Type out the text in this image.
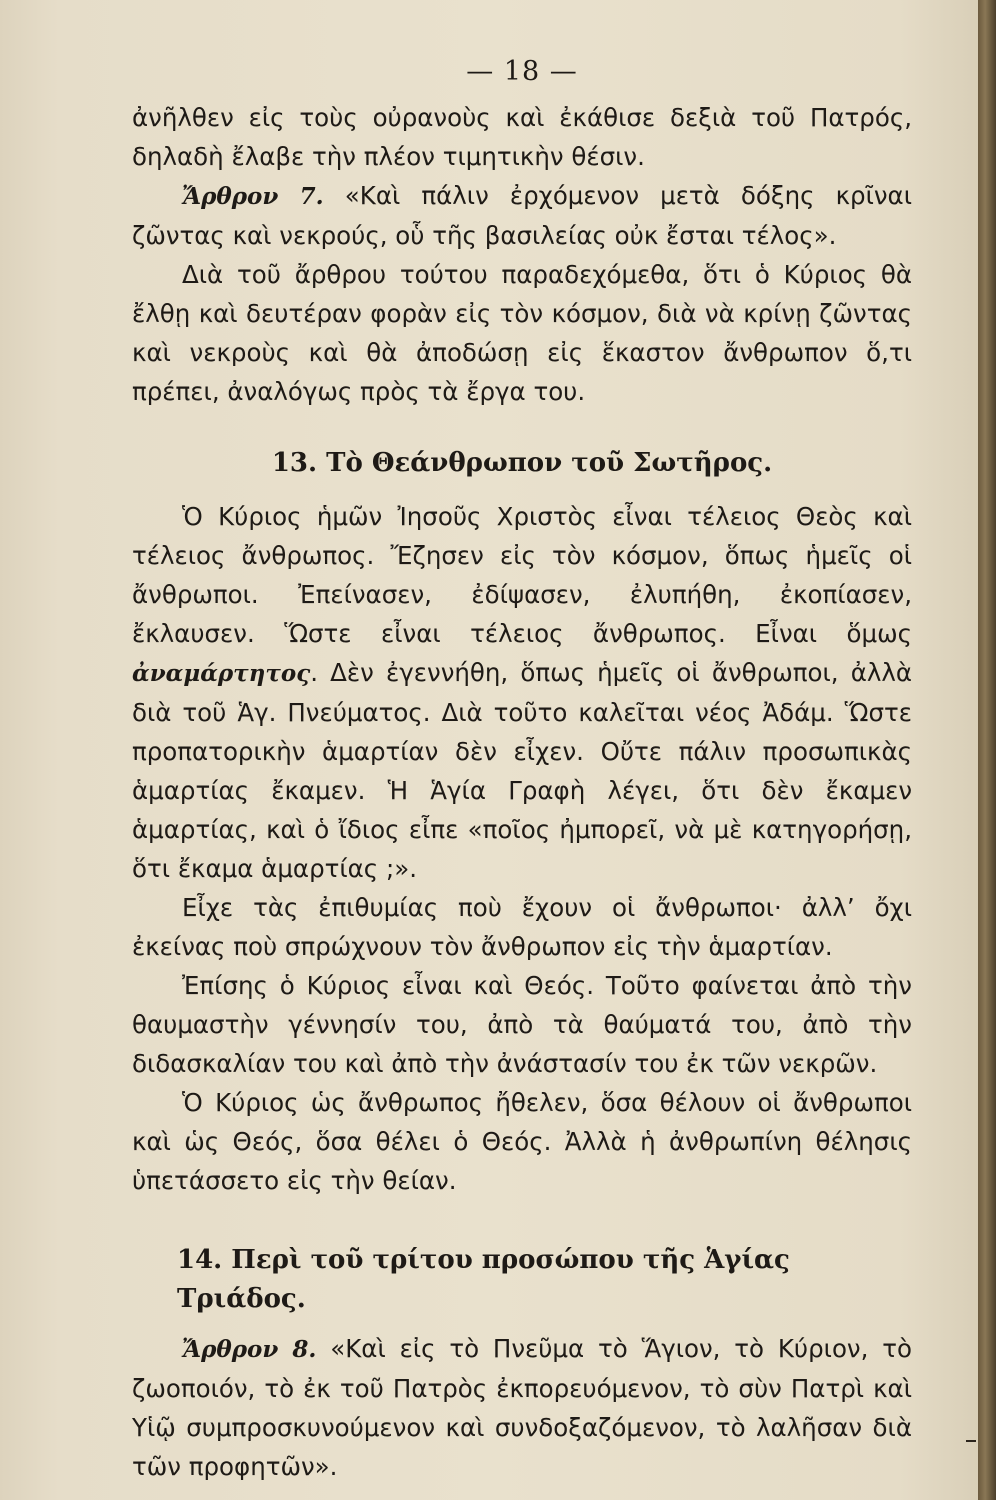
— 18 —

ἀνῆλθεν εἰς τοὺς οὐρανοὺς καὶ ἐκάθισε δεξιὰ τοῦ Πατρός, δηλαδὴ ἔλαβε τὴν πλέον τιμητικὴν θέσιν.

Ἄρθρον 7. «Καὶ πάλιν ἐρχόμενον μετὰ δόξης κρῖναι ζῶντας καὶ νεκρούς, οὗ τῆς βασιλείας οὐκ ἔσται τέλος».

Διὰ τοῦ ἄρθρου τούτου παραδεχόμεθα, ὅτι ὁ Κύριος θὰ ἔλθῃ καὶ δευτέραν φορὰν εἰς τὸν κόσμον, διὰ νὰ κρίνῃ ζῶντας καὶ νεκροὺς καὶ θὰ ἀποδώσῃ εἰς ἕκαστον ἄνθρωπον ὅ,τι πρέπει, ἀναλόγως πρὸς τὰ ἔργα του.

13. Τὸ Θεάνθρωπον τοῦ Σωτῆρος.

Ὁ Κύριος ἡμῶν Ἰησοῦς Χριστὸς εἶναι τέλειος Θεὸς καὶ τέλειος ἄνθρωπος. Ἔζησεν εἰς τὸν κόσμον, ὅπως ἡμεῖς οἱ ἄνθρωποι. Ἐπείνασεν, ἐδίψασεν, ἐλυπήθη, ἐκοπίασεν, ἔκλαυσεν. Ὥστε εἶναι τέλειος ἄνθρωπος. Εἶναι ὅμως ἀναμάρτητος. Δὲν ἐγεννήθη, ὅπως ἡμεῖς οἱ ἄνθρωποι, ἀλλὰ διὰ τοῦ Ἁγ. Πνεύματος. Διὰ τοῦτο καλεῖται νέος Ἀδάμ. Ὥστε προπατορικὴν ἁμαρτίαν δὲν εἶχεν. Οὔτε πάλιν προσωπικὰς ἁμαρτίας ἔκαμεν. Ἡ Ἁγία Γραφὴ λέγει, ὅτι δὲν ἔκαμεν ἁμαρτίας, καὶ ὁ ἴδιος εἶπε «ποῖος ἠμπορεῖ, νὰ μὲ κατηγορήσῃ, ὅτι ἔκαμα ἁμαρτίας ;».

Εἶχε τὰς ἐπιθυμίας ποὺ ἔχουν οἱ ἄνθρωποι· ἀλλ’ ὄχι ἐκείνας ποὺ σπρώχνουν τὸν ἄνθρωπον εἰς τὴν ἁμαρτίαν.

Ἐπίσης ὁ Κύριος εἶναι καὶ Θεός. Τοῦτο φαίνεται ἀπὸ τὴν θαυμαστὴν γέννησίν του, ἀπὸ τὰ θαύματά του, ἀπὸ τὴν διδασκαλίαν του καὶ ἀπὸ τὴν ἀνάστασίν του ἐκ τῶν νεκρῶν.

Ὁ Κύριος ὡς ἄνθρωπος ἤθελεν, ὅσα θέλουν οἱ ἄνθρωποι καὶ ὡς Θεός, ὅσα θέλει ὁ Θεός. Ἀλλὰ ἡ ἀνθρωπίνη θέλησις ὑπετάσσετο εἰς τὴν θείαν.

14. Περὶ τοῦ τρίτου προσώπου τῆς Ἁγίας Τριάδος.

Ἄρθρον 8. «Καὶ εἰς τὸ Πνεῦμα τὸ Ἅγιον, τὸ Κύριον, τὸ ζωοποιόν, τὸ ἐκ τοῦ Πατρὸς ἐκπορευόμενον, τὸ σὺν Πατρὶ καὶ Υἱῷ συμπροσκυνούμενον καὶ συνδοξαζόμενον, τὸ λαλῆσαν διὰ τῶν προφητῶν».
